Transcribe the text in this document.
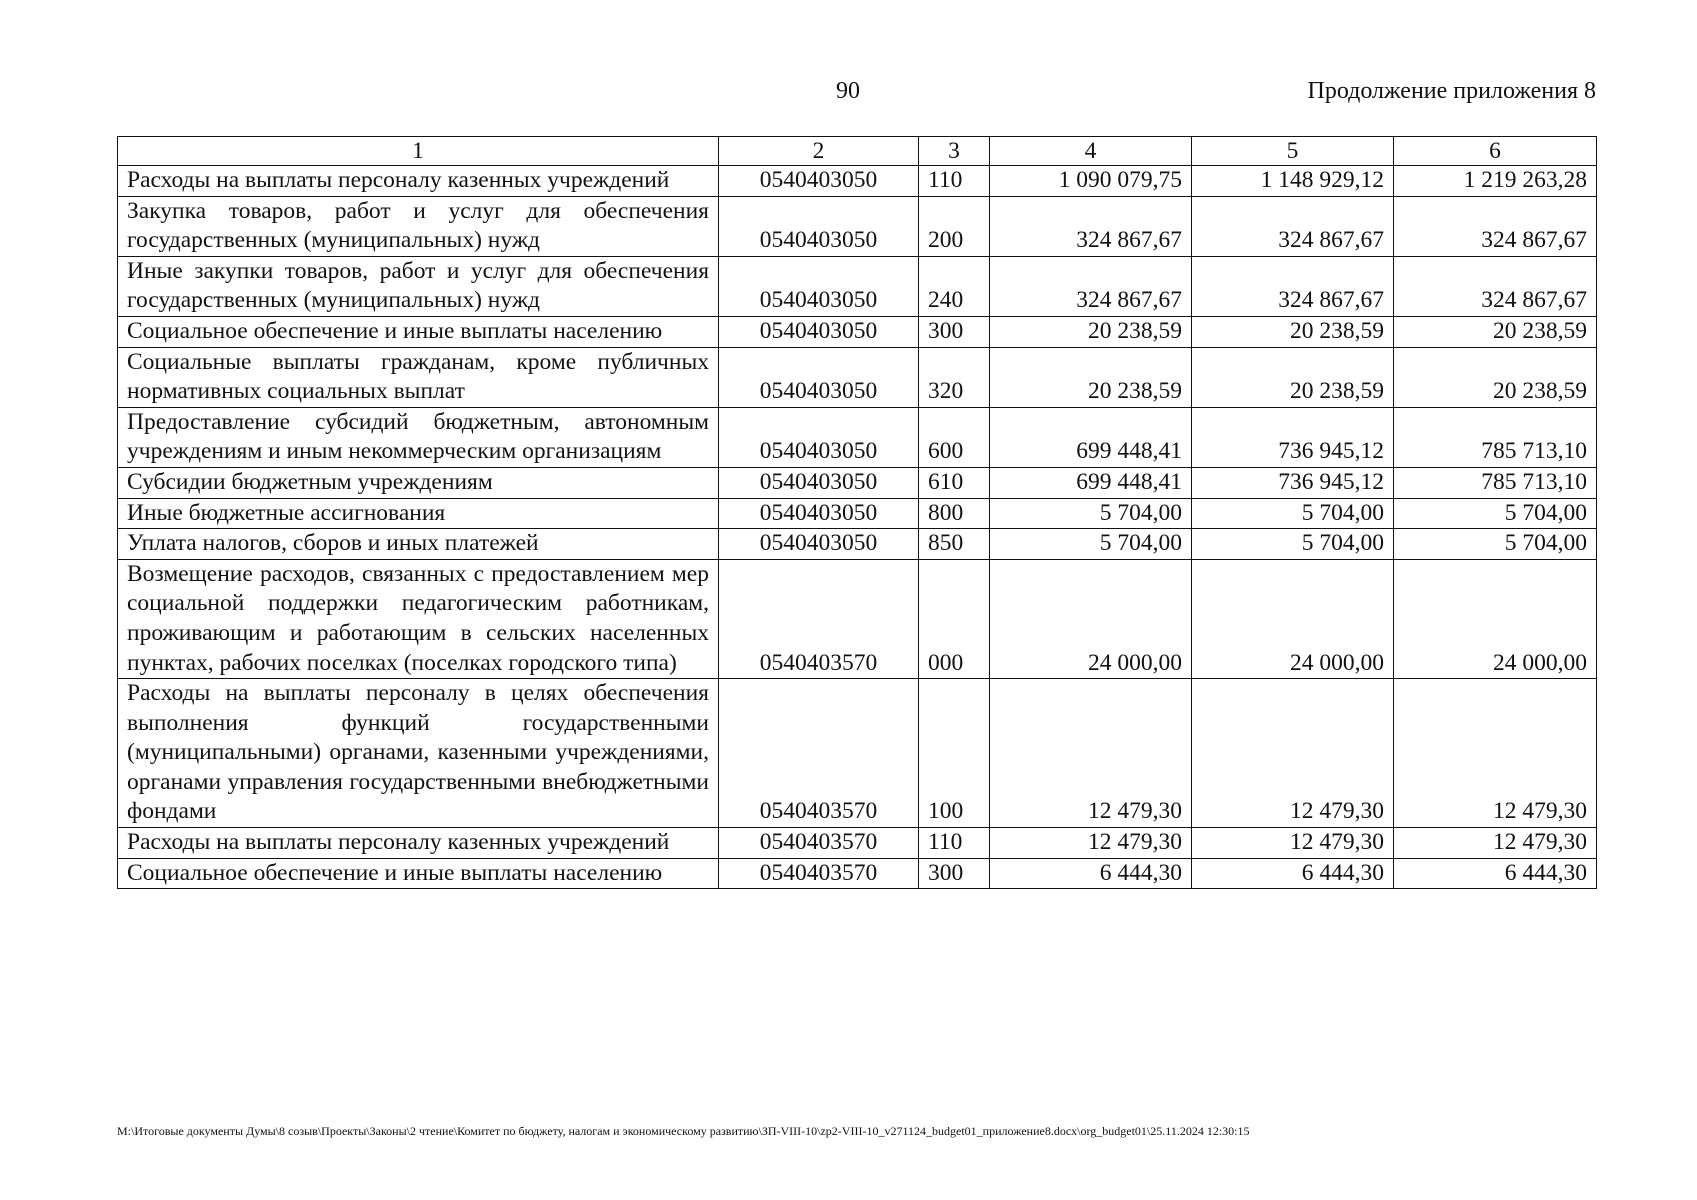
90	Продолжение приложения 8
1	2	3	4	5	6
Расходы на выплаты персоналу казенных учреждений	0540403050	110	1 090 079,75	1 148 929,12	1 219 263,28
Закупка товаров, работ и услуг для обеспечения государственных (муниципальных) нужд	0540403050	200	324 867,67	324 867,67	324 867,67
Иные закупки товаров, работ и услуг для обеспечения государственных (муниципальных) нужд	0540403050	240	324 867,67	324 867,67	324 867,67
Социальное обеспечение и иные выплаты населению	0540403050	300	20 238,59	20 238,59	20 238,59
Социальные выплаты гражданам, кроме публичных нормативных социальных выплат	0540403050	320	20 238,59	20 238,59	20 238,59
Предоставление субсидий бюджетным, автономным учреждениям и иным некоммерческим организациям	0540403050	600	699 448,41	736 945,12	785 713,10
Субсидии бюджетным учреждениям	0540403050	610	699 448,41	736 945,12	785 713,10
Иные бюджетные ассигнования	0540403050	800	5 704,00	5 704,00	5 704,00
Уплата налогов, сборов и иных платежей	0540403050	850	5 704,00	5 704,00	5 704,00
Возмещение расходов, связанных с предоставлением мер социальной поддержки педагогическим работникам, проживающим и работающим в сельских населенных пунктах, рабочих поселках (поселках городского типа)	0540403570	000	24 000,00	24 000,00	24 000,00
Расходы на выплаты персоналу в целях обеспечения выполнения функций государственными (муниципальными) органами, казенными учреждениями, органами управления государственными внебюджетными фондами	0540403570	100	12 479,30	12 479,30	12 479,30
Расходы на выплаты персоналу казенных учреждений	0540403570	110	12 479,30	12 479,30	12 479,30
Социальное обеспечение и иные выплаты населению	0540403570	300	6 444,30	6 444,30	6 444,30
M:\Итоговые документы Думы\8 созыв\Проекты\Законы\2 чтение\Комитет по бюджету, налогам и экономическому развитию\ЗП-VIII-10\zp2-VIII-10_v271124_budget01_приложение8.docx\org_budget01\25.11.2024 12:30:15
